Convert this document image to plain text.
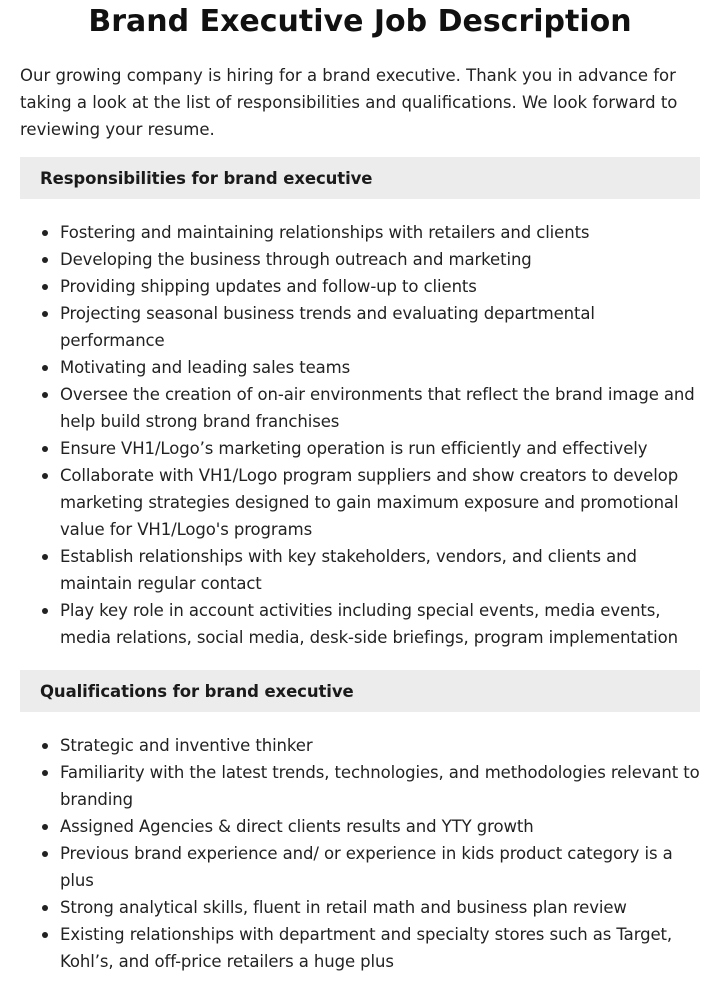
Brand Executive Job Description

Our growing company is hiring for a brand executive. Thank you in advance for taking a look at the list of responsibilities and qualifications. We look forward to reviewing your resume.

Responsibilities for brand executive
Fostering and maintaining relationships with retailers and clients
Developing the business through outreach and marketing
Providing shipping updates and follow-up to clients
Projecting seasonal business trends and evaluating departmental performance
Motivating and leading sales teams
Oversee the creation of on-air environments that reflect the brand image and help build strong brand franchises
Ensure VH1/Logo’s marketing operation is run efficiently and effectively
Collaborate with VH1/Logo program suppliers and show creators to develop marketing strategies designed to gain maximum exposure and promotional value for VH1/Logo's programs
Establish relationships with key stakeholders, vendors, and clients and maintain regular contact
Play key role in account activities including special events, media events, media relations, social media, desk-side briefings, program implementation
Qualifications for brand executive
Strategic and inventive thinker
Familiarity with the latest trends, technologies, and methodologies relevant to branding
Assigned Agencies & direct clients results and YTY growth
Previous brand experience and/ or experience in kids product category is a plus
Strong analytical skills, fluent in retail math and business plan review
Existing relationships with department and specialty stores such as Target, Kohl’s, and off-price retailers a huge plus
